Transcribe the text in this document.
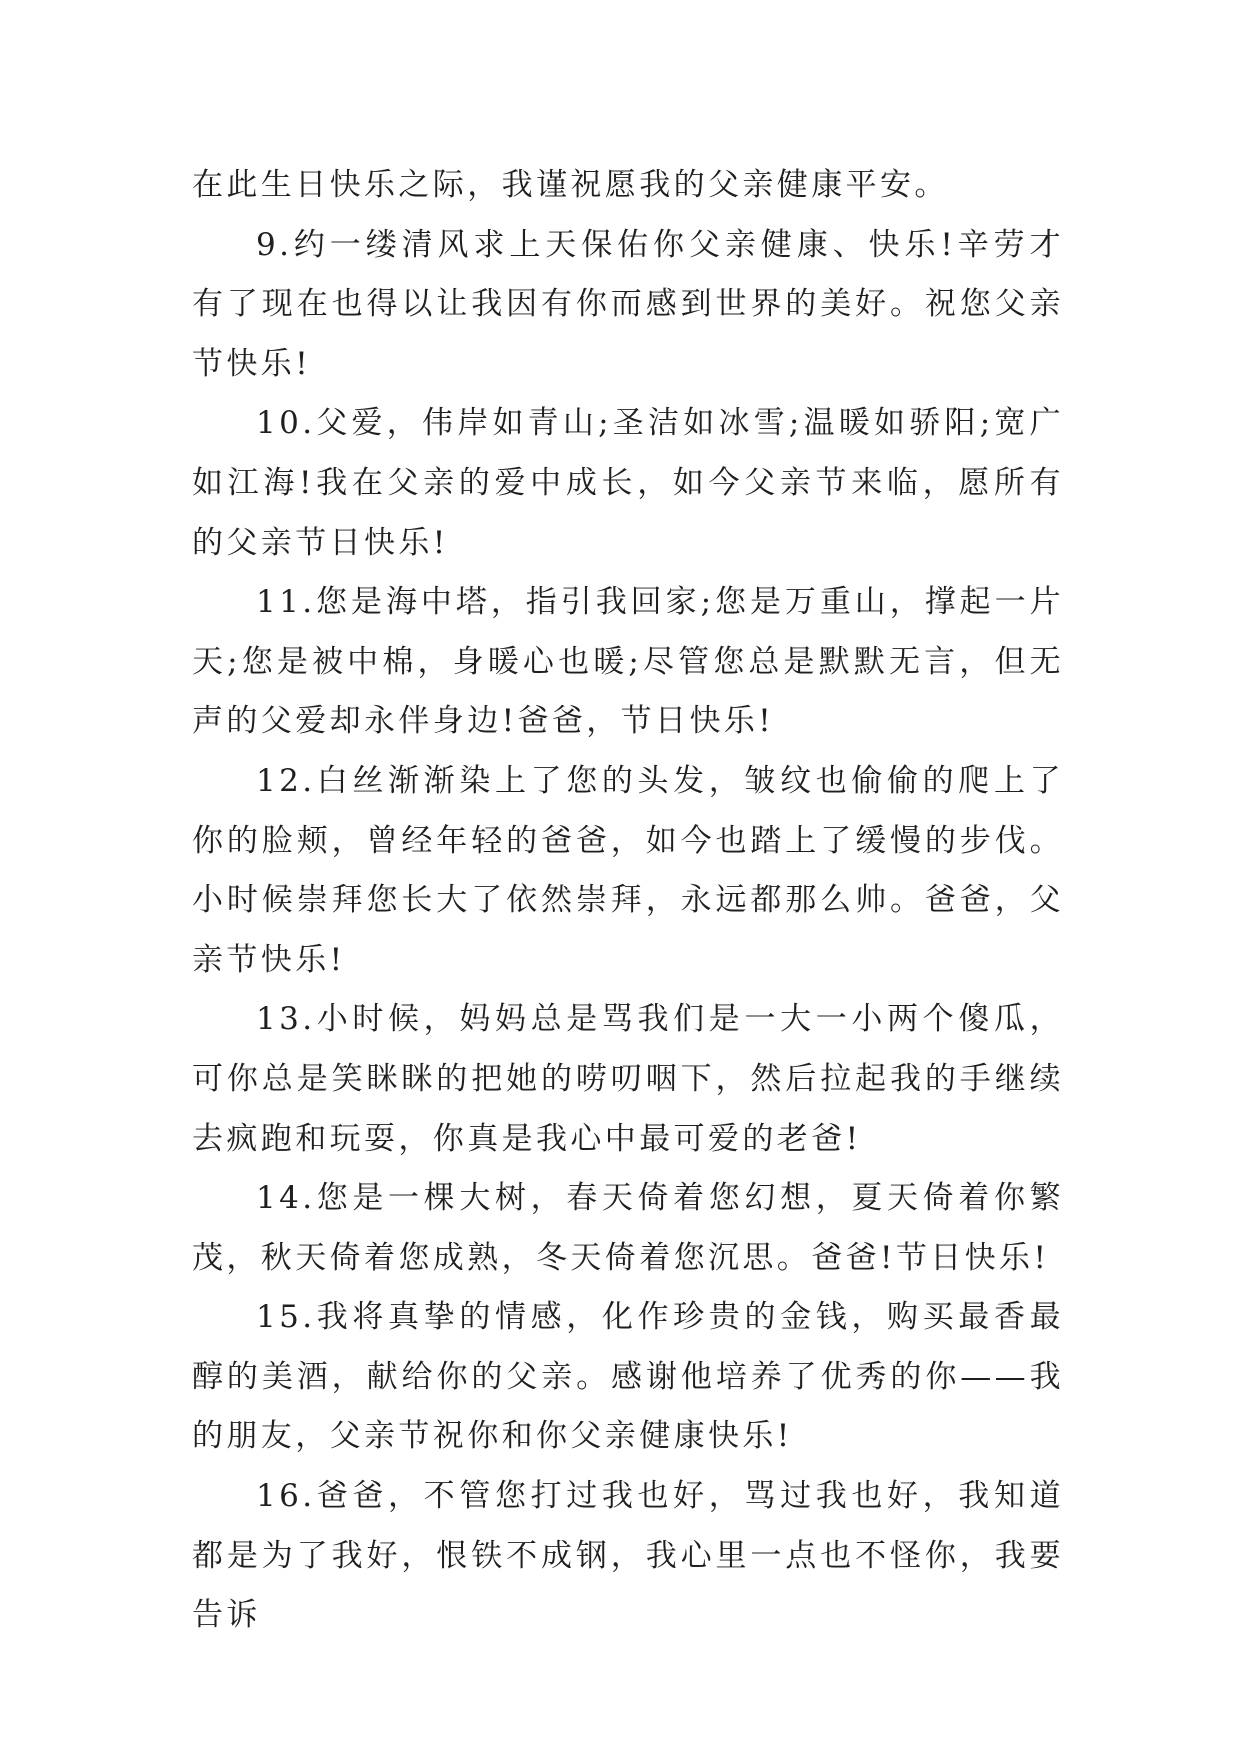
在此生日快乐之际，我谨祝愿我的父亲健康平安。

9.约一缕清风求上天保佑你父亲健康、快乐!辛劳才有了现在也得以让我因有你而感到世界的美好。祝您父亲节快乐!

10.父爱，伟岸如青山;圣洁如冰雪;温暖如骄阳;宽广如江海!我在父亲的爱中成长，如今父亲节来临，愿所有的父亲节日快乐!

11.您是海中塔，指引我回家;您是万重山，撑起一片天;您是被中棉，身暖心也暖;尽管您总是默默无言，但无声的父爱却永伴身边!爸爸，节日快乐!

12.白丝渐渐染上了您的头发，皱纹也偷偷的爬上了你的脸颊，曾经年轻的爸爸，如今也踏上了缓慢的步伐。小时候崇拜您长大了依然崇拜，永远都那么帅。爸爸，父亲节快乐!

13.小时候，妈妈总是骂我们是一大一小两个傻瓜，可你总是笑眯眯的把她的唠叨咽下，然后拉起我的手继续去疯跑和玩耍，你真是我心中最可爱的老爸!

14.您是一棵大树，春天倚着您幻想，夏天倚着你繁茂，秋天倚着您成熟，冬天倚着您沉思。爸爸!节日快乐!

15.我将真挚的情感，化作珍贵的金钱，购买最香最醇的美酒，献给你的父亲。感谢他培养了优秀的你——我的朋友，父亲节祝你和你父亲健康快乐!

16.爸爸，不管您打过我也好，骂过我也好，我知道都是为了我好，恨铁不成钢，我心里一点也不怪你，我要告诉
